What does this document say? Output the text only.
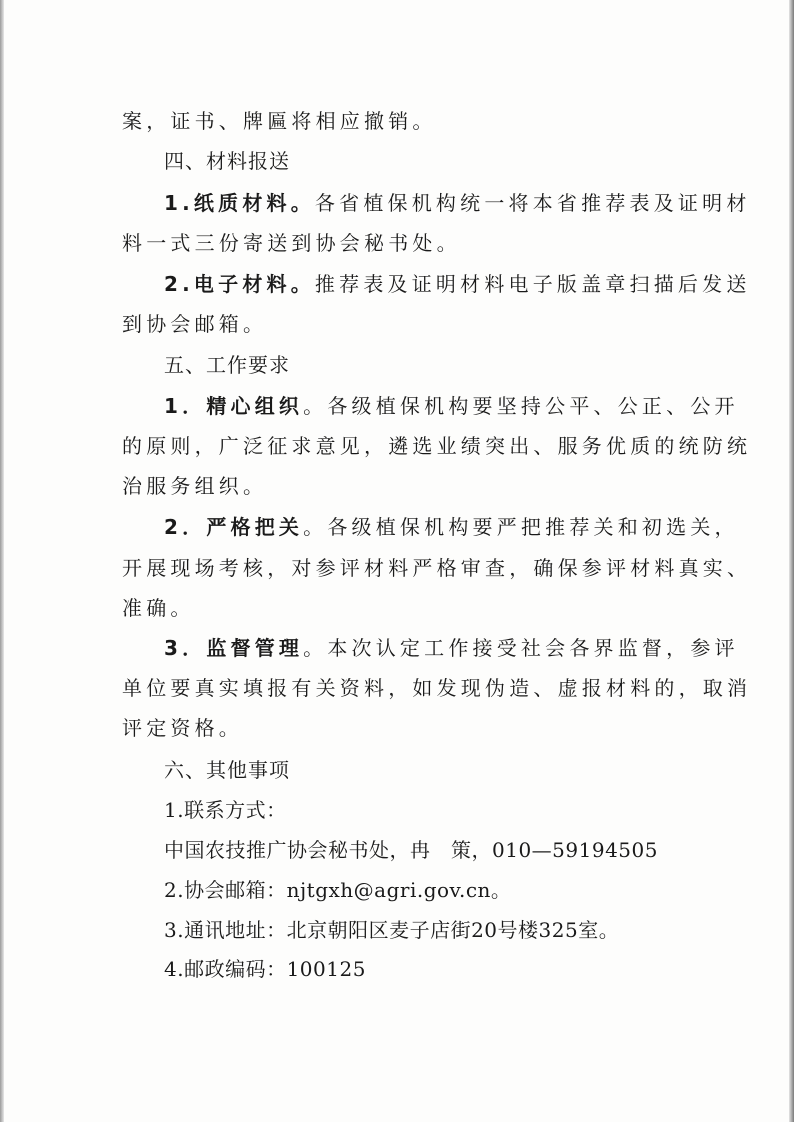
案，证书、牌匾将相应撤销。
四、材料报送
1.纸质材料。各省植保机构统一将本省推荐表及证明材
料一式三份寄送到协会秘书处。
2.电子材料。推荐表及证明材料电子版盖章扫描后发送
到协会邮箱。
五、工作要求
1．精心组织。各级植保机构要坚持公平、公正、公开
的原则，广泛征求意见，遴选业绩突出、服务优质的统防统
治服务组织。
2．严格把关。各级植保机构要严把推荐关和初选关，
开展现场考核，对参评材料严格审查，确保参评材料真实、
准确。
3．监督管理。本次认定工作接受社会各界监督，参评
单位要真实填报有关资料，如发现伪造、虚报材料的，取消
评定资格。
六、其他事项
1.联系方式：
中国农技推广协会秘书处，冉　策，010—59194505
2.协会邮箱：njtgxh@agri.gov.cn。
3.通讯地址：北京朝阳区麦子店街20号楼325室。
4.邮政编码：100125
